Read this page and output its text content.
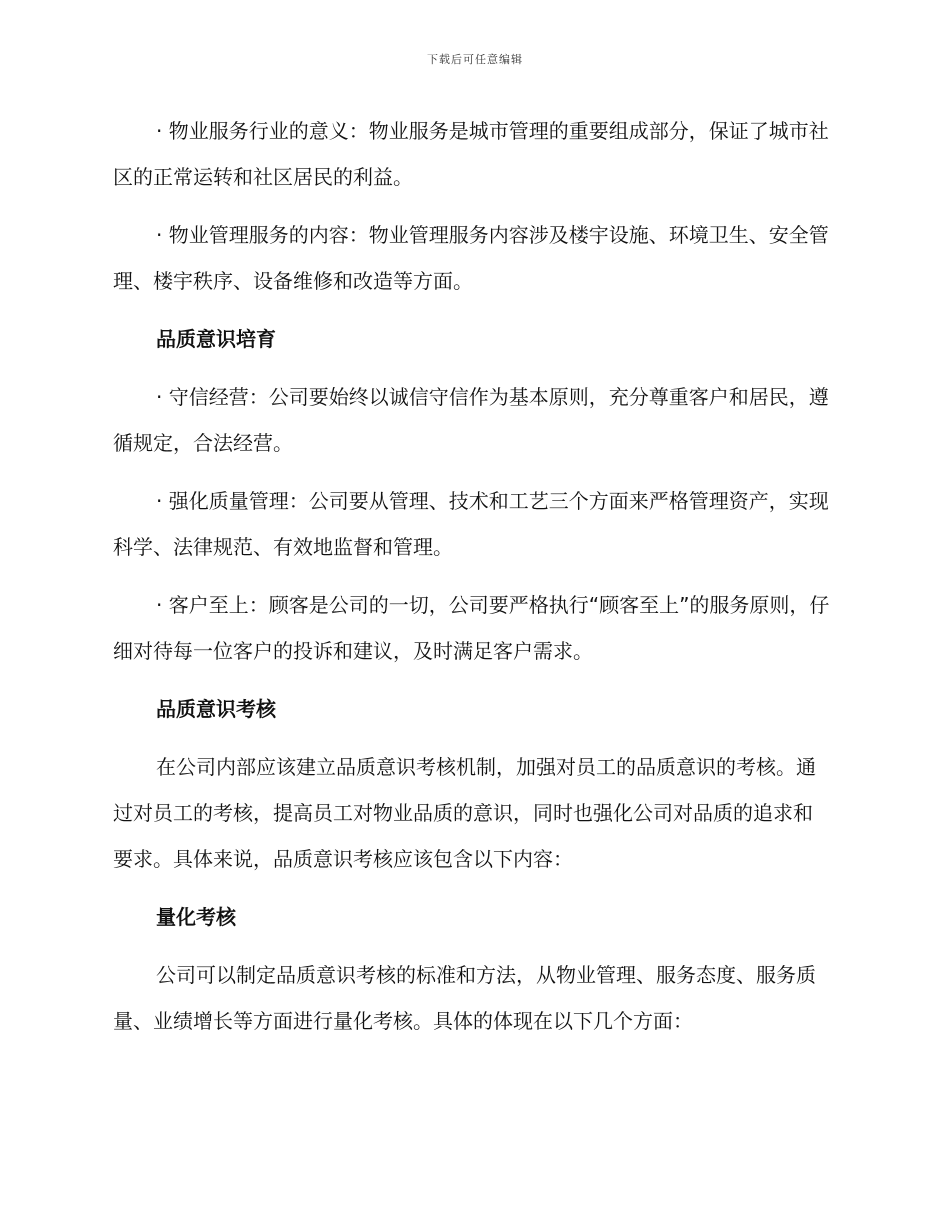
下载后可任意编辑

· 物业服务行业的意义：物业服务是城市管理的重要组成部分，保证了城市社区的正常运转和社区居民的利益。

· 物业管理服务的内容：物业管理服务内容涉及楼宇设施、环境卫生、安全管理、楼宇秩序、设备维修和改造等方面。

品质意识培育

· 守信经营：公司要始终以诚信守信作为基本原则，充分尊重客户和居民，遵循规定，合法经营。

· 强化质量管理：公司要从管理、技术和工艺三个方面来严格管理资产，实现科学、法律规范、有效地监督和管理。

· 客户至上：顾客是公司的一切，公司要严格执行“顾客至上”的服务原则，仔细对待每一位客户的投诉和建议，及时满足客户需求。

品质意识考核

在公司内部应该建立品质意识考核机制，加强对员工的品质意识的考核。通过对员工的考核，提高员工对物业品质的意识，同时也强化公司对品质的追求和要求。具体来说，品质意识考核应该包含以下内容：

量化考核

公司可以制定品质意识考核的标准和方法，从物业管理、服务态度、服务质量、业绩增长等方面进行量化考核。具体的体现在以下几个方面：
